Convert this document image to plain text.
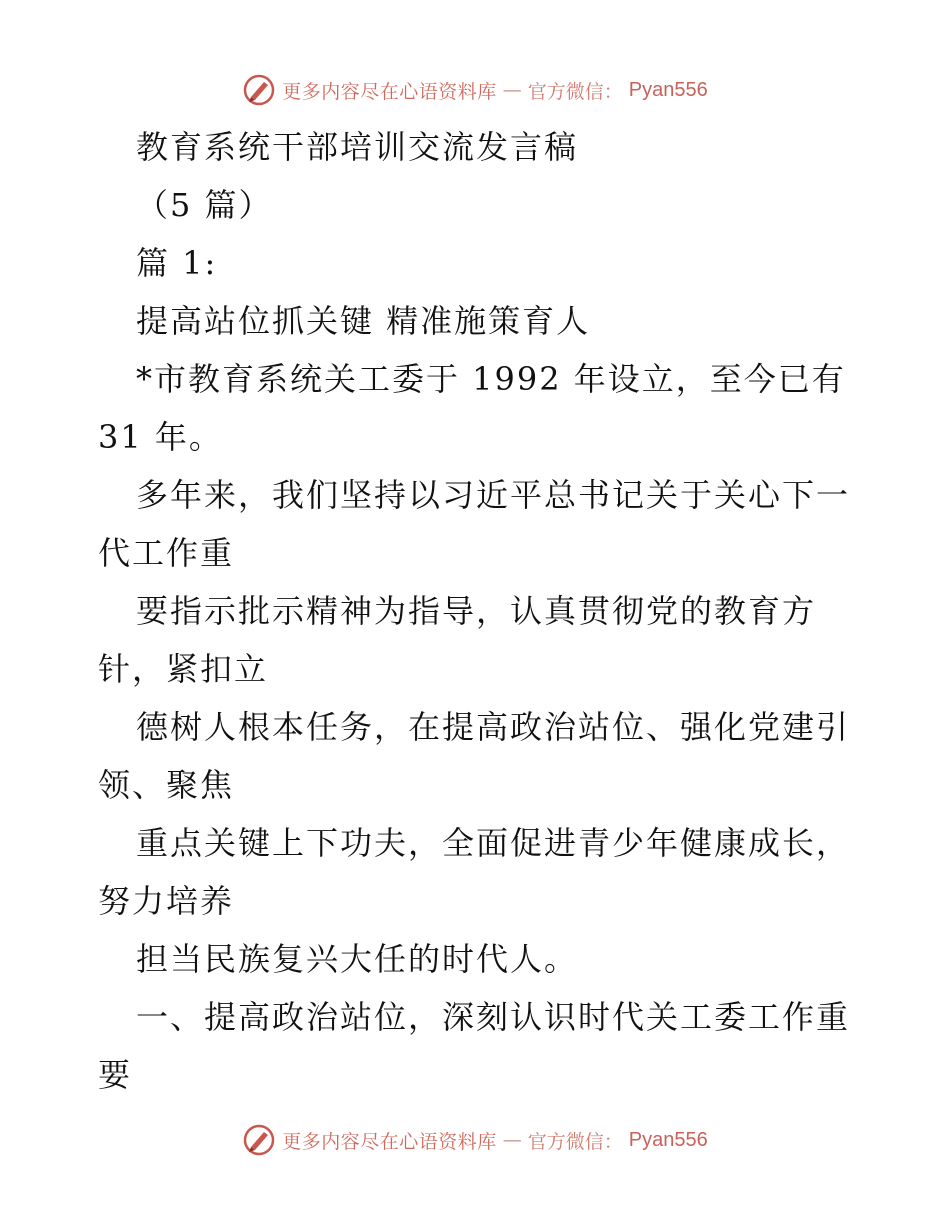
更多内容尽在心语资料库 — 官方微信： Pyan556
教育系统干部培训交流发言稿
（5 篇）
篇 1:
提高站位抓关键 精准施策育人
*市教育系统关工委于 1992 年设立，至今已有
31 年。
多年来，我们坚持以习近平总书记关于关心下一
代工作重
要指示批示精神为指导，认真贯彻党的教育方
针，紧扣立
德树人根本任务，在提高政治站位、强化党建引
领、聚焦
重点关键上下功夫，全面促进青少年健康成长，
努力培养
担当民族复兴大任的时代人。
一、提高政治站位，深刻认识时代关工委工作重
要
更多内容尽在心语资料库 — 官方微信： Pyan556
